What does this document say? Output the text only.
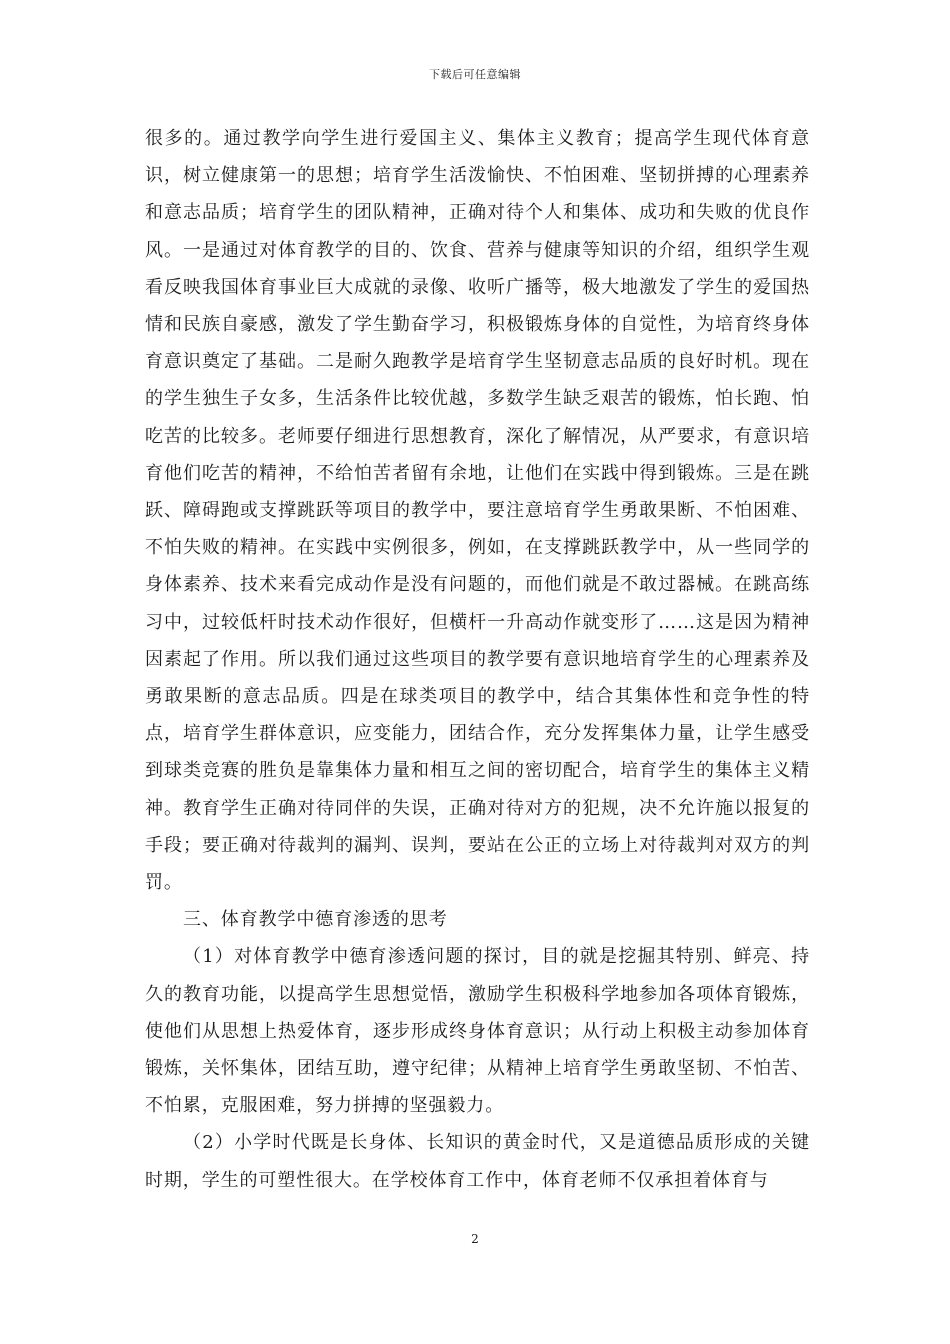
下载后可任意编辑

很多的。通过教学向学生进行爱国主义、集体主义教育；提高学生现代体育意识，树立健康第一的思想；培育学生活泼愉快、不怕困难、坚韧拼搏的心理素养和意志品质；培育学生的团队精神，正确对待个人和集体、成功和失败的优良作风。一是通过对体育教学的目的、饮食、营养与健康等知识的介绍，组织学生观看反映我国体育事业巨大成就的录像、收听广播等，极大地激发了学生的爱国热情和民族自豪感，激发了学生勤奋学习，积极锻炼身体的自觉性，为培育终身体育意识奠定了基础。二是耐久跑教学是培育学生坚韧意志品质的良好时机。现在的学生独生子女多，生活条件比较优越，多数学生缺乏艰苦的锻炼，怕长跑、怕吃苦的比较多。老师要仔细进行思想教育，深化了解情况，从严要求，有意识培育他们吃苦的精神，不给怕苦者留有余地，让他们在实践中得到锻炼。三是在跳跃、障碍跑或支撑跳跃等项目的教学中，要注意培育学生勇敢果断、不怕困难、不怕失败的精神。在实践中实例很多，例如，在支撑跳跃教学中，从一些同学的身体素养、技术来看完成动作是没有问题的，而他们就是不敢过器械。在跳高练习中，过较低杆时技术动作很好，但横杆一升高动作就变形了……这是因为精神因素起了作用。所以我们通过这些项目的教学要有意识地培育学生的心理素养及勇敢果断的意志品质。四是在球类项目的教学中，结合其集体性和竞争性的特点，培育学生群体意识，应变能力，团结合作，充分发挥集体力量，让学生感受到球类竞赛的胜负是靠集体力量和相互之间的密切配合，培育学生的集体主义精神。教育学生正确对待同伴的失误，正确对待对方的犯规，决不允许施以报复的手段；要正确对待裁判的漏判、误判，要站在公正的立场上对待裁判对双方的判罚。

三、体育教学中德育渗透的思考

（1）对体育教学中德育渗透问题的探讨，目的就是挖掘其特别、鲜亮、持久的教育功能，以提高学生思想觉悟，激励学生积极科学地参加各项体育锻炼，使他们从思想上热爱体育，逐步形成终身体育意识；从行动上积极主动参加体育锻炼，关怀集体，团结互助，遵守纪律；从精神上培育学生勇敢坚韧、不怕苦、不怕累，克服困难，努力拼搏的坚强毅力。

（2）小学时代既是长身体、长知识的黄金时代，又是道德品质形成的关键时期，学生的可塑性很大。在学校体育工作中，体育老师不仅承担着体育与

2
